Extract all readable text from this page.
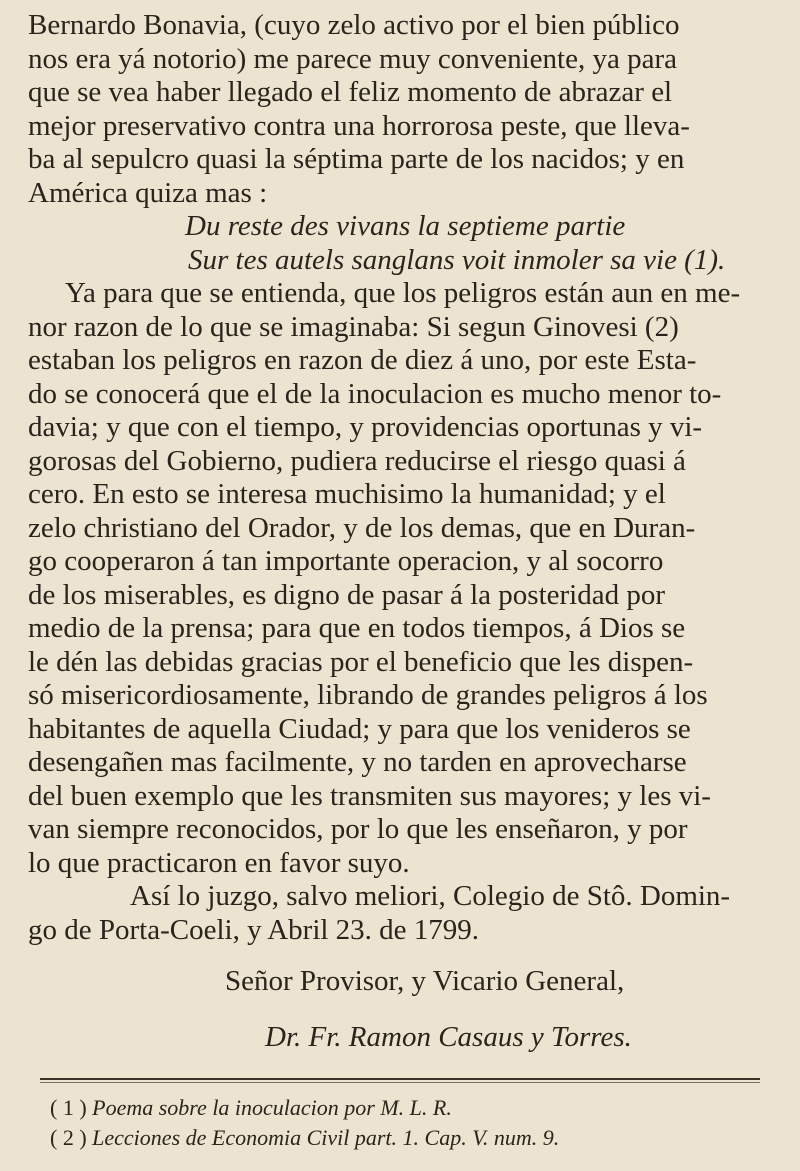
Bernardo Bonavia, (cuyo zelo activo por el bien público
nos era yá notorio) me parece muy conveniente, ya para
que se vea haber llegado el feliz momento de abrazar el
mejor preservativo contra una horrorosa peste, que lleva-
ba al sepulcro quasi la séptima parte de los nacidos; y en
América quiza mas :
Du reste des vivans la septieme partie
Sur tes autels sanglans voit inmoler sa vie (1).
Ya para que se entienda, que los peligros están aun en me-
nor razon de lo que se imaginaba: Si segun Ginovesi (2)
estaban los peligros en razon de diez á uno, por este Esta-
do se conocerá que el de la inoculacion es mucho menor to-
davia; y que con el tiempo, y providencias oportunas y vi-
gorosas del Gobierno, pudiera reducirse el riesgo quasi á
cero. En esto se interesa muchisimo la humanidad; y el
zelo christiano del Orador, y de los demas, que en Duran-
go cooperaron á tan importante operacion, y al socorro
de los miserables, es digno de pasar á la posteridad por
medio de la prensa; para que en todos tiempos, á Dios se
le dén las debidas gracias por el beneficio que les dispen-
só misericordiosamente, librando de grandes peligros á los
habitantes de aquella Ciudad; y para que los venideros se
desengañen mas facilmente, y no tarden en aprovecharse
del buen exemplo que les transmiten sus mayores; y les vi-
van siempre reconocidos, por lo que les enseñaron, y por
lo que practicaron en favor suyo.
Así lo juzgo, salvo meliori, Colegio de Stô. Domin-
go de Porta-Coeli, y Abril 23. de 1799.
Señor Provisor, y Vicario General,
Dr. Fr. Ramon Casaus y Torres.
( 1 ) Poema sobre la inoculacion por M. L. R.
( 2 ) Lecciones de Economia Civil part. 1. Cap. V. num. 9.
